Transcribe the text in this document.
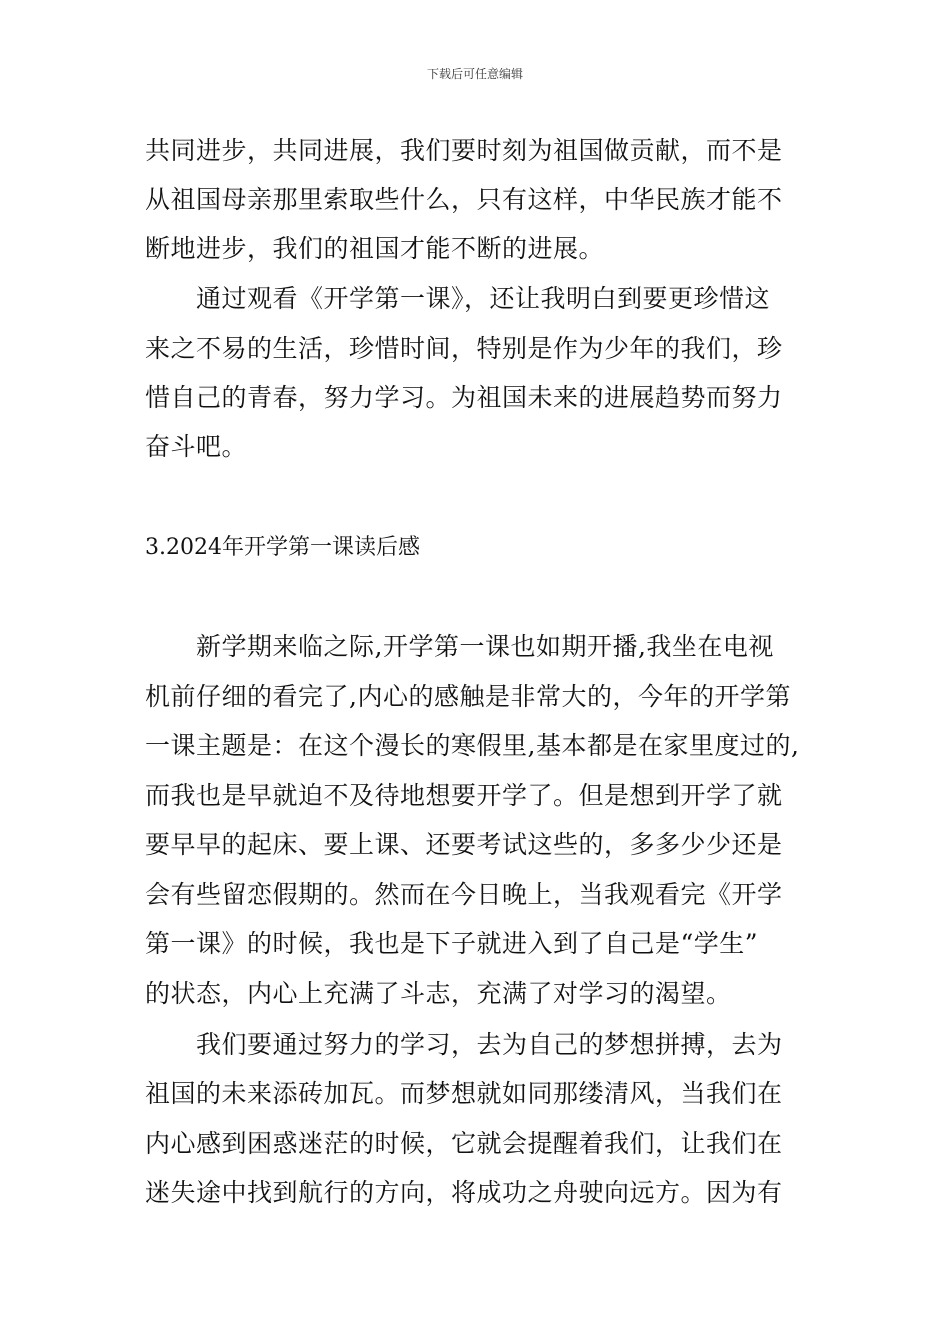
下载后可任意编辑
共同进步，共同进展，我们要时刻为祖国做贡献，而不是
从祖国母亲那里索取些什么，只有这样，中华民族才能不
断地进步，我们的祖国才能不断的进展。
　　通过观看《开学第一课》，还让我明白到要更珍惜这
来之不易的生活，珍惜时间，特别是作为少年的我们，珍
惜自己的青春，努力学习。为祖国未来的进展趋势而努力
奋斗吧。
3.2024年开学第一课读后感
　　新学期来临之际,开学第一课也如期开播,我坐在电视
机前仔细的看完了,内心的感触是非常大的，今年的开学第
一课主题是：在这个漫长的寒假里,基本都是在家里度过的,
而我也是早就迫不及待地想要开学了。但是想到开学了就
要早早的起床、要上课、还要考试这些的，多多少少还是
会有些留恋假期的。然而在今日晚上，当我观看完《开学
第一课》的时候，我也是下子就进入到了自己是“学生”
的状态，内心上充满了斗志，充满了对学习的渴望。
　　我们要通过努力的学习，去为自己的梦想拼搏，去为
祖国的未来添砖加瓦。而梦想就如同那缕清风，当我们在
内心感到困惑迷茫的时候，它就会提醒着我们，让我们在
迷失途中找到航行的方向，将成功之舟驶向远方。因为有
